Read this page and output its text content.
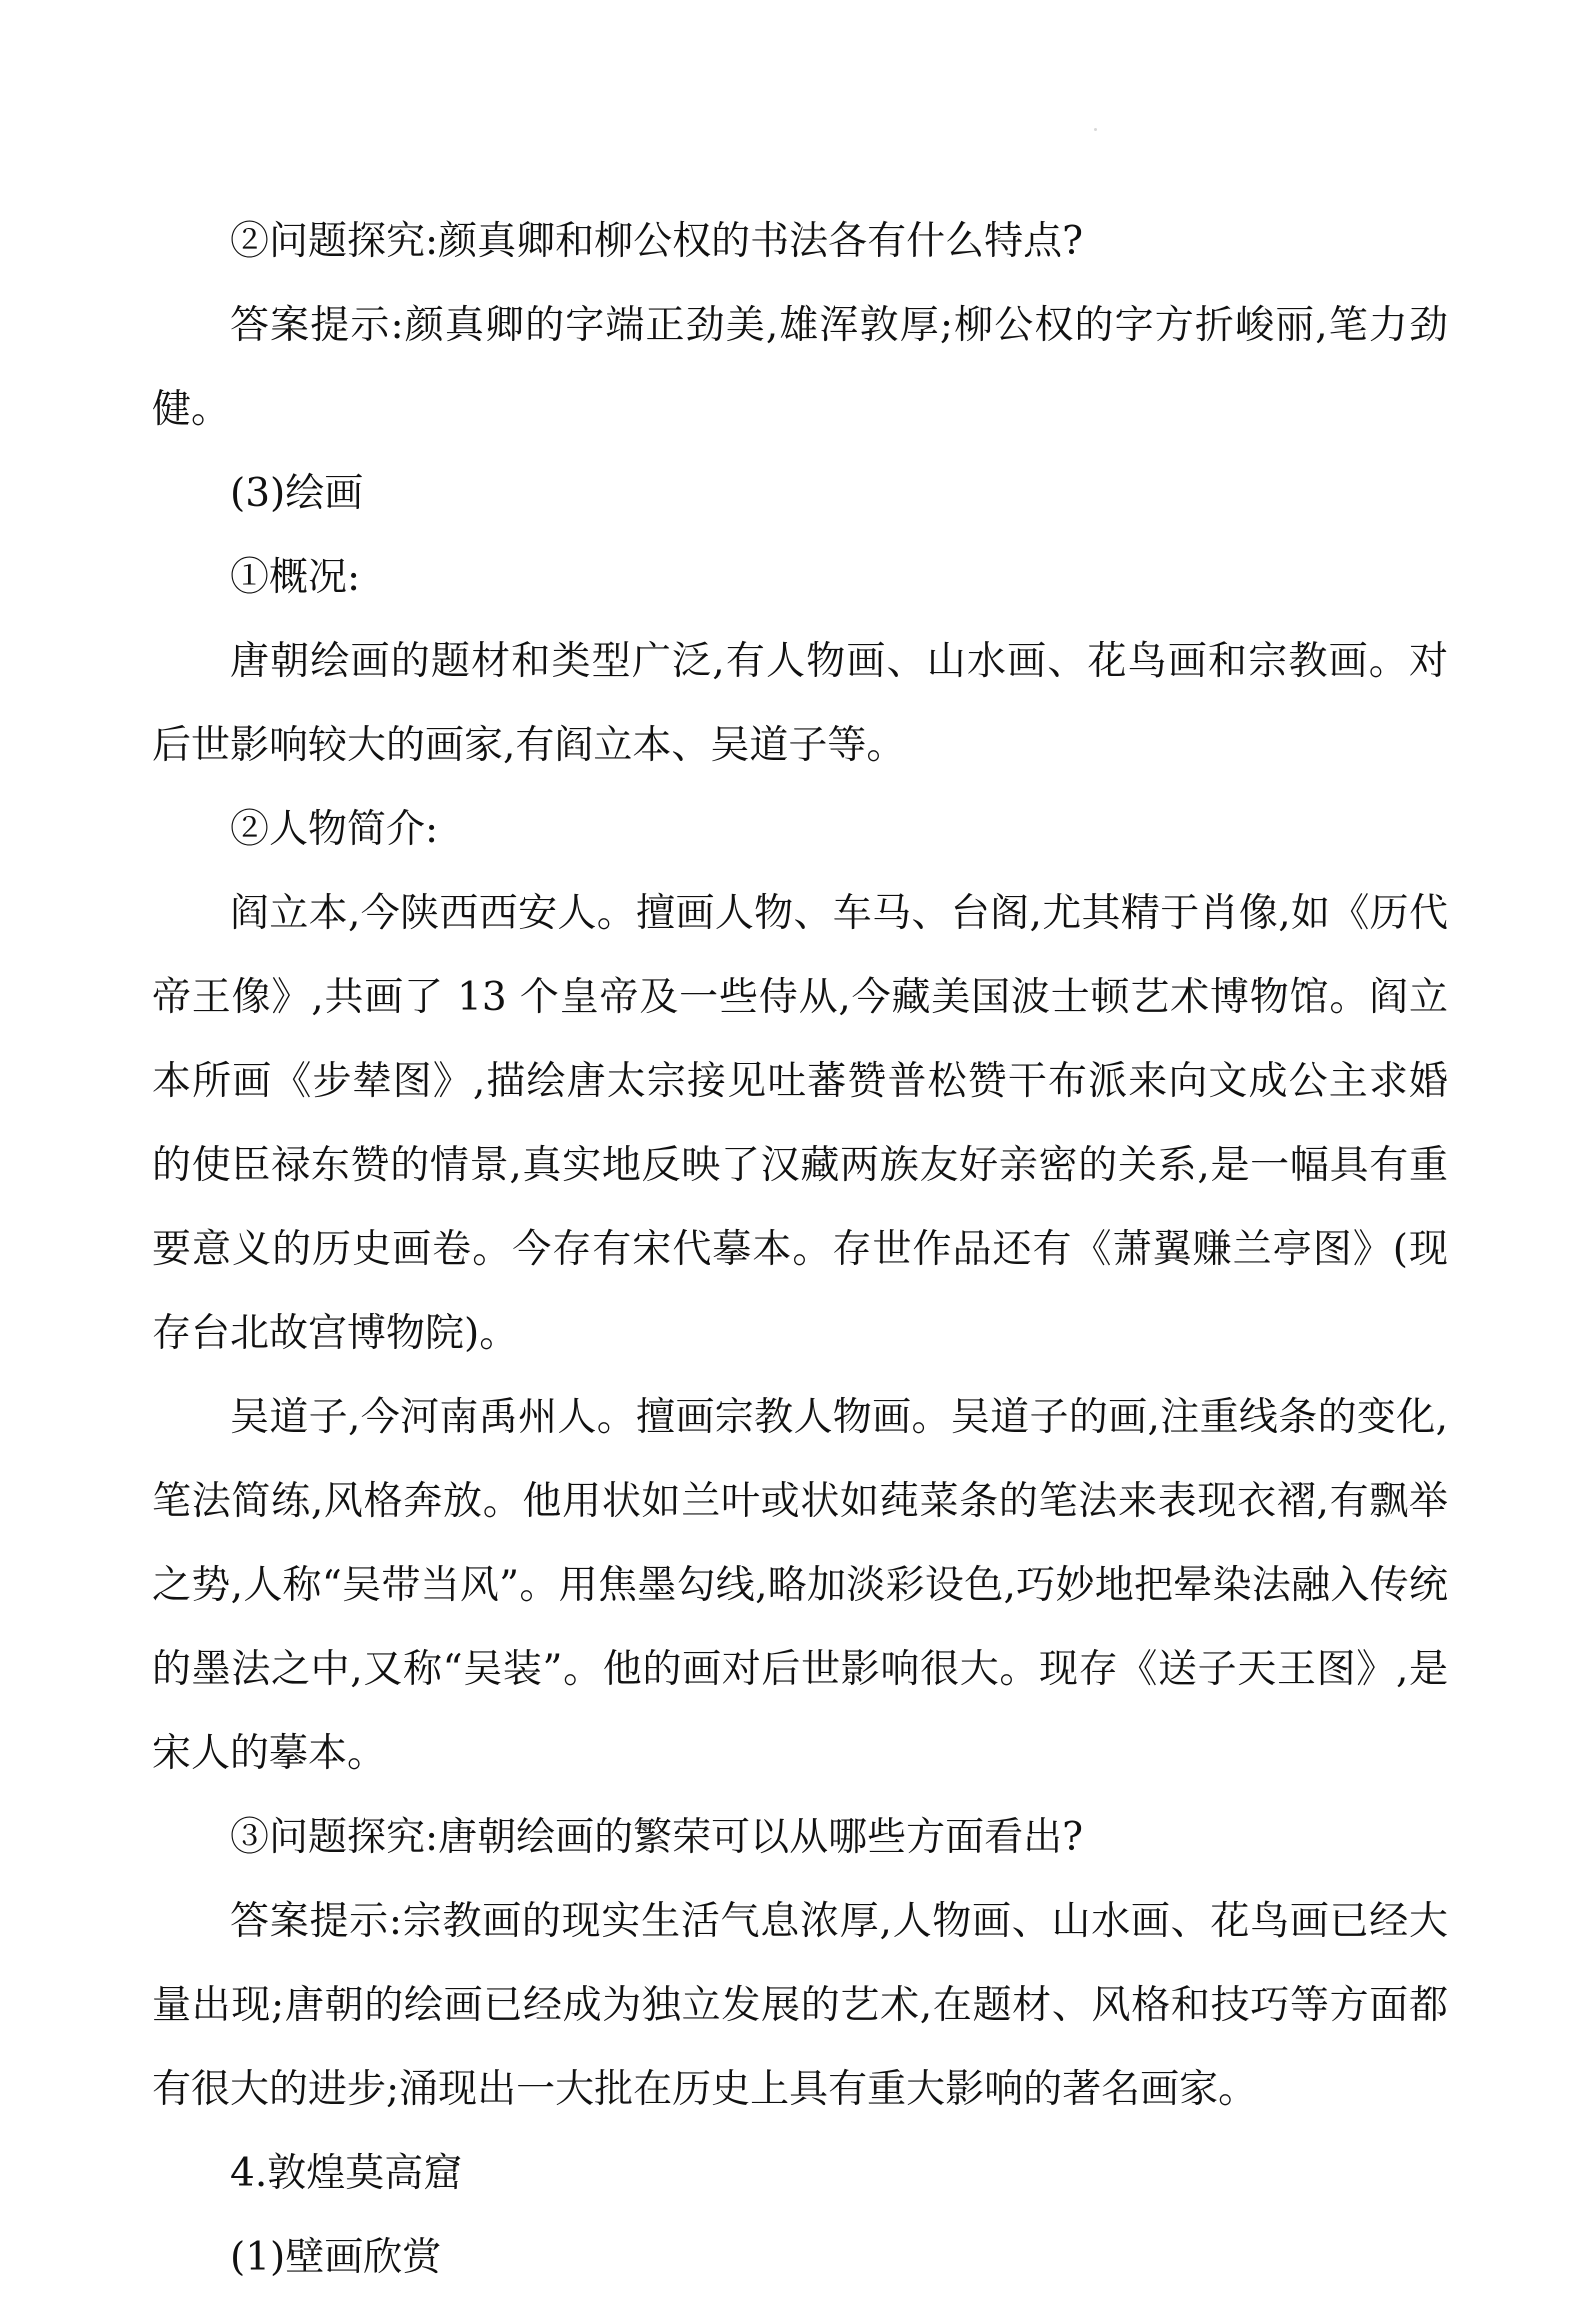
②问题探究:颜真卿和柳公权的书法各有什么特点?

答案提示:颜真卿的字端正劲美,雄浑敦厚;柳公权的字方折峻丽,笔力劲健。

(3)绘画

①概况:

唐朝绘画的题材和类型广泛,有人物画、山水画、花鸟画和宗教画。对后世影响较大的画家,有阎立本、吴道子等。

②人物简介:

阎立本,今陕西西安人。擅画人物、车马、台阁,尤其精于肖像,如《历代帝王像》,共画了 13 个皇帝及一些侍从,今藏美国波士顿艺术博物馆。阎立本所画《步辇图》,描绘唐太宗接见吐蕃赞普松赞干布派来向文成公主求婚的使臣禄东赞的情景,真实地反映了汉藏两族友好亲密的关系,是一幅具有重要意义的历史画卷。今存有宋代摹本。存世作品还有《萧翼赚兰亭图》(现存台北故宫博物院)。

吴道子,今河南禹州人。擅画宗教人物画。吴道子的画,注重线条的变化,笔法简练,风格奔放。他用状如兰叶或状如莼菜条的笔法来表现衣褶,有飘举之势,人称“吴带当风”。用焦墨勾线,略加淡彩设色,巧妙地把晕染法融入传统的墨法之中,又称“吴装”。他的画对后世影响很大。现存《送子天王图》,是宋人的摹本。

③问题探究:唐朝绘画的繁荣可以从哪些方面看出?

答案提示:宗教画的现实生活气息浓厚,人物画、山水画、花鸟画已经大量出现;唐朝的绘画已经成为独立发展的艺术,在题材、风格和技巧等方面都有很大的进步;涌现出一大批在历史上具有重大影响的著名画家。

4.敦煌莫高窟

(1)壁画欣赏
